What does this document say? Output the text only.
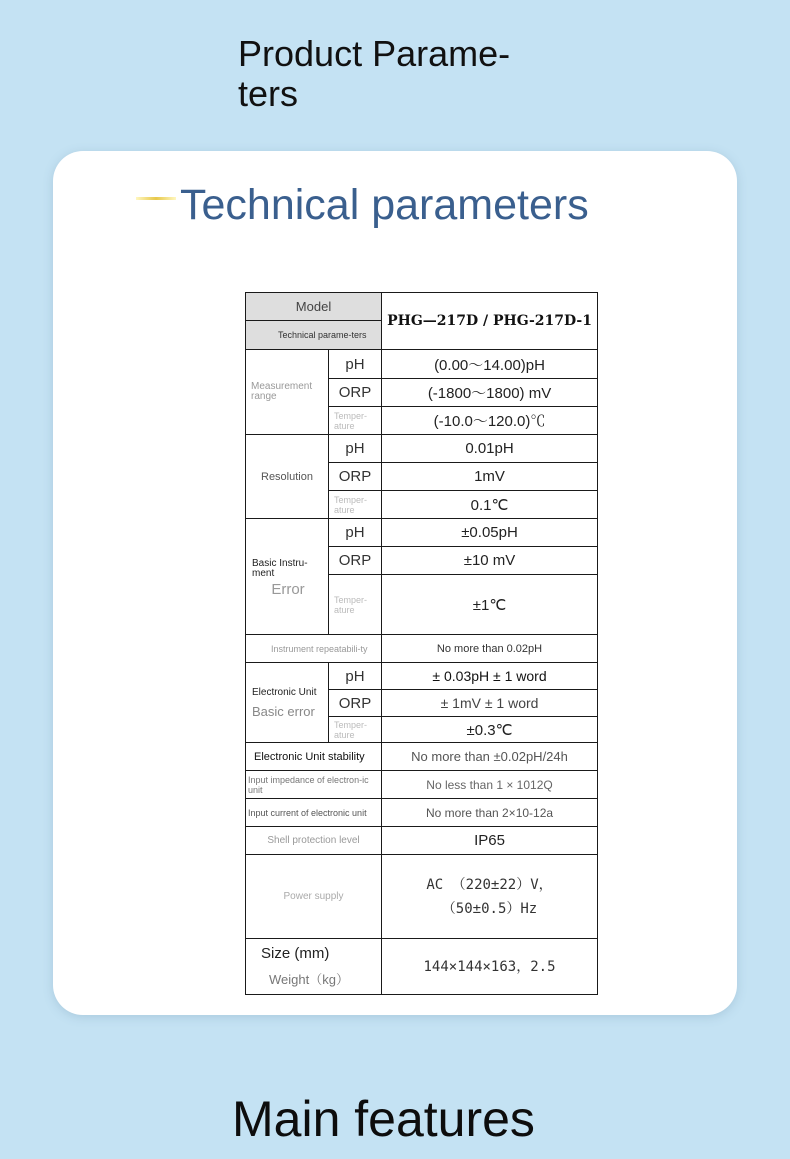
Product Parame-ters
Technical parameters
Model		PHG—217D / PHG-217D-1
Technical parame-ters		
Measurement range	pH	(0.00～14.00)pH
	ORP	(-1800～1800) mV
	Temper-ature	(-10.0～120.0)℃
Resolution	pH	0.01pH
	ORP	1mV
	Temper-ature	0.1℃
Basic Instru-ment
Error	pH	±0.05pH
	ORP	±10 mV
	Temper-ature	±1℃
Instrument repeatabili-ty		No more than 0.02pH
Electronic Unit
Basic error	pH	± 0.03pH ± 1 word
	ORP	± 1mV ± 1 word
	Temper-ature	±0.3℃
Electronic Unit stability		No more than ±0.02pH/24h
Input impedance of electron-ic unit		No less than 1 × 1012Q
Input current of electronic unit		No more than 2×10-12a
Shell protection level		IP65
Power supply		AC （220±22）V，
（50±0.5）Hz

Size (mm)
Weight（kg）		144×144×163，2.5
Main features
